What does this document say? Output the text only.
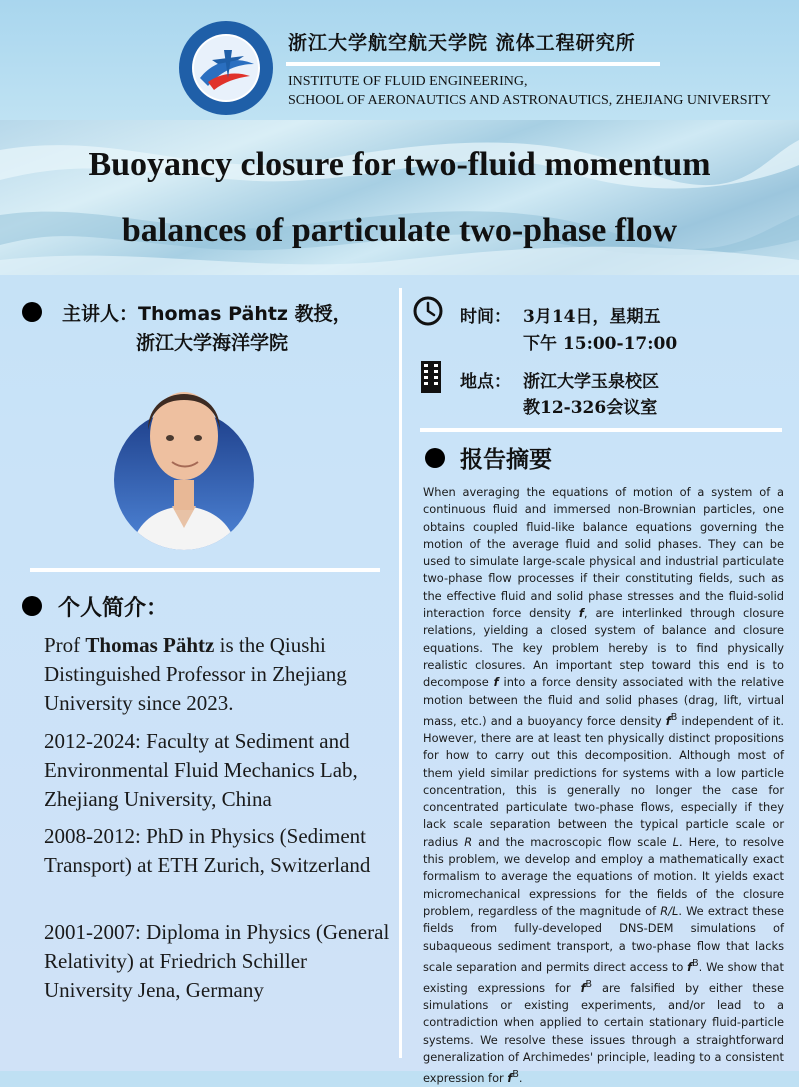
浙江大学航空航天学院 流体工程研究所
INSTITUTE OF FLUID ENGINEERING,
SCHOOL OF AERONAUTICS AND ASTRONAUTICS, ZHEJIANG UNIVERSITY
Buoyancy closure for two-fluid momentum
balances of particulate two-phase flow
主讲人：Thomas Pähtz 教授，
浙江大学海洋学院
个人简介：

Prof Thomas Pähtz is the Qiushi Distinguished Professor in Zhejiang University since 2023.

2012-2024: Faculty at Sediment and Environmental Fluid Mechanics Lab, Zhejiang University, China
2008-2012: PhD in Physics (Sediment Transport) at ETH Zurich, Switzerland
2001-2007: Diploma in Physics (General Relativity) at Friedrich Schiller University Jena, Germany
时间： 3月14日，星期五
下午 15:00-17:00
地点： 浙江大学玉泉校区
教12-326会议室
报告摘要
When averaging the equations of motion of a system of a continuous fluid and immersed non-Brownian particles, one obtains coupled fluid-like balance equations governing the motion of the average fluid and solid phases. They can be used to simulate large-scale physical and industrial particulate two-phase flow processes if their constituting fields, such as the effective fluid and solid phase stresses and the fluid-solid interaction force density f, are interlinked through closure relations, yielding a closed system of balance and closure equations. The key problem hereby is to find physically realistic closures. An important step toward this end is to decompose f into a force density associated with the relative motion between the fluid and solid phases (drag, lift, virtual mass, etc.) and a buoyancy force density $f^B$ independent of it. However, there are at least ten physically distinct propositions for how to carry out this decomposition. Although most of them yield similar predictions for systems with a low particle concentration, this is generally no longer the case for concentrated particulate two-phase flows, especially if they lack scale separation between the typical particle scale or radius R and the macroscopic flow scale L. Here, to resolve this problem, we develop and employ a mathematically exact formalism to average the equations of motion. It yields exact micromechanical expressions for the fields of the closure problem, regardless of the magnitude of R/L. We extract these fields from fully-developed DNS-DEM simulations of subaqueous sediment transport, a two-phase flow that lacks scale separation and permits direct access to $f^B$. We show that existing expressions for $f^B$ are falsified by either these simulations or existing experiments, and/or lead to a contradiction when applied to certain stationary fluid-particle systems. We resolve these issues through a straightforward generalization of Archimedes' principle, leading to a consistent expression for $f^B$.
